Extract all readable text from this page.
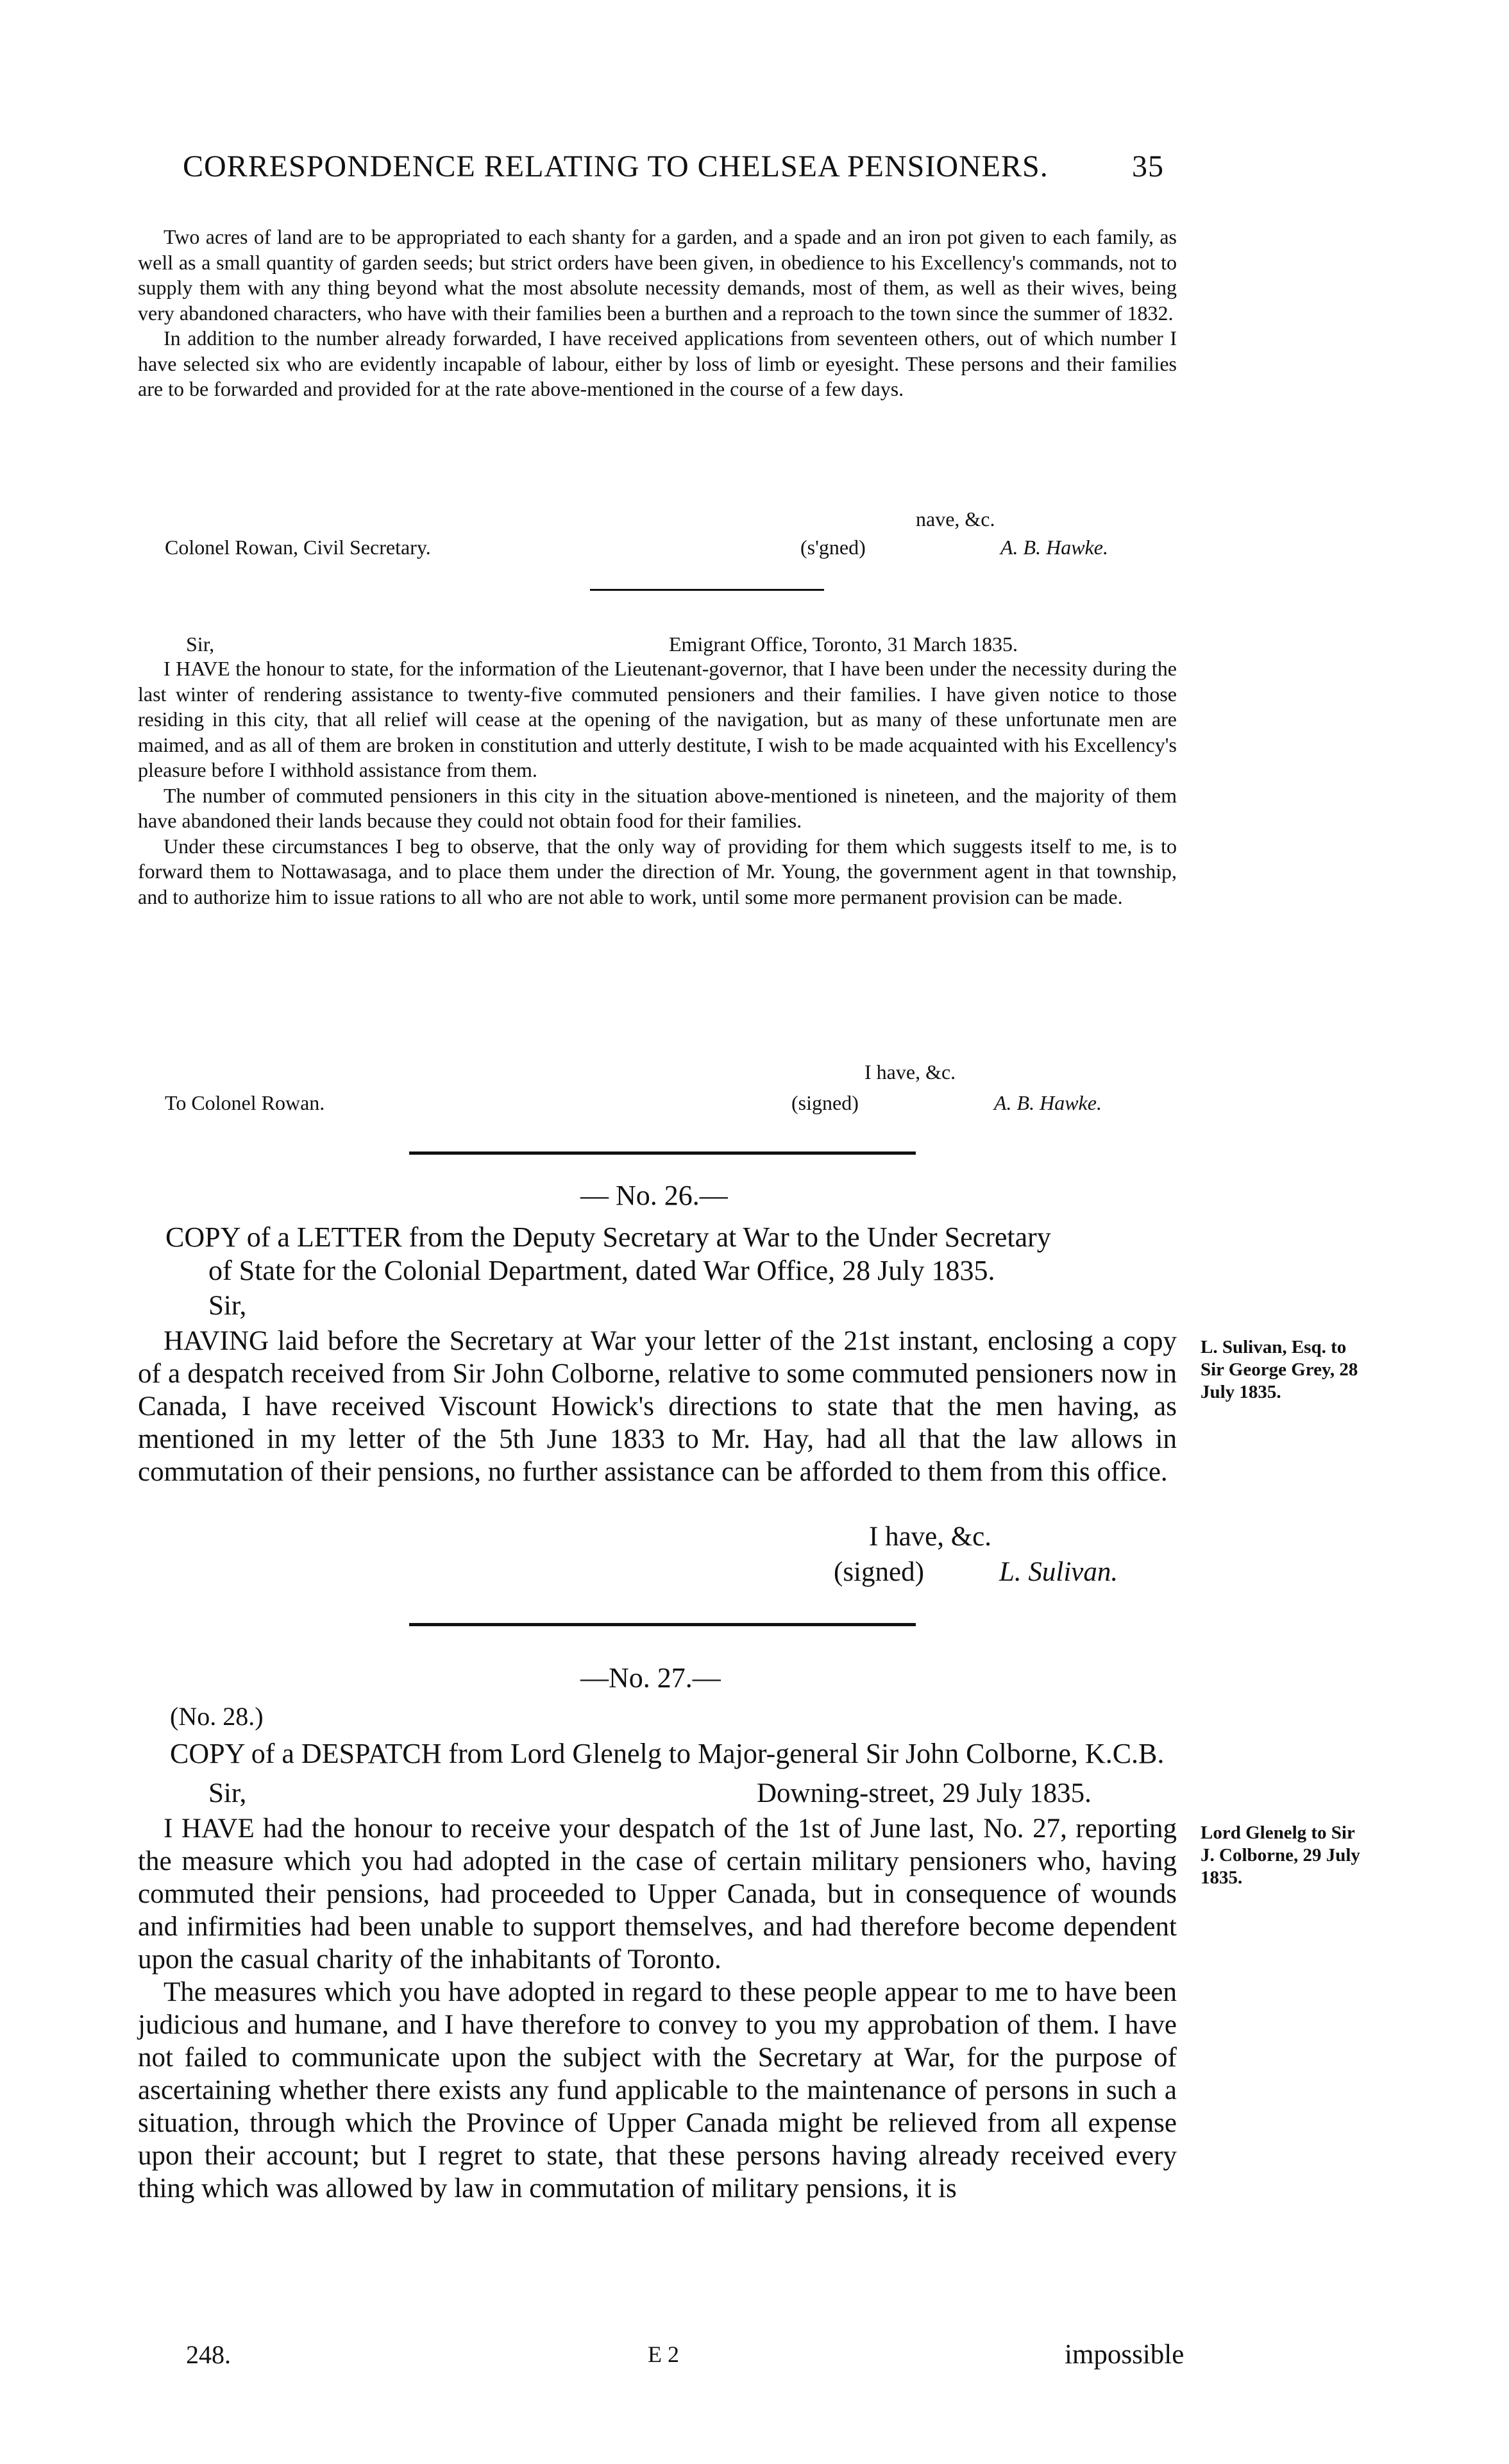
CORRESPONDENCE RELATING TO CHELSEA PENSIONERS.	35

Two acres of land are to be appropriated to each shanty for a garden, and a spade and an iron pot given to each family, as well as a small quantity of garden seeds; but strict orders have been given, in obedience to his Excellency's commands, not to supply them with any thing beyond what the most absolute necessity demands, most of them, as well as their wives, being very abandoned characters, who have with their families been a burthen and a reproach to the town since the summer of 1832.

In addition to the number already forwarded, I have received applications from seventeen others, out of which number I have selected six who are evidently incapable of labour, either by loss of limb or eyesight. These persons and their families are to be forwarded and provided for at the rate above-mentioned in the course of a few days.

nave, &c.
Colonel Rowan, Civil Secretary.	(s'gned)	A. B. Hawke.
Sir,	Emigrant Office, Toronto, 31 March 1835.

I HAVE the honour to state, for the information of the Lieutenant-governor, that I have been under the necessity during the last winter of rendering assistance to twenty-five commuted pensioners and their families. I have given notice to those residing in this city, that all relief will cease at the opening of the navigation, but as many of these unfortunate men are maimed, and as all of them are broken in constitution and utterly destitute, I wish to be made acquainted with his Excellency's pleasure before I withhold assistance from them.

The number of commuted pensioners in this city in the situation above-mentioned is nineteen, and the majority of them have abandoned their lands because they could not obtain food for their families.

Under these circumstances I beg to observe, that the only way of providing for them which suggests itself to me, is to forward them to Nottawasaga, and to place them under the direction of Mr. Young, the government agent in that township, and to authorize him to issue rations to all who are not able to work, until some more permanent provision can be made.

I have, &c.
To Colonel Rowan.	(signed)	A. B. Hawke.
— No. 26.—
COPY of a LETTER from the Deputy Secretary at War to the Under Secretary
of State for the Colonial Department, dated War Office, 28 July 1835.
Sir,

HAVING laid before the Secretary at War your letter of the 21st instant, enclosing a copy of a despatch received from Sir John Colborne, relative to some commuted pensioners now in Canada, I have received Viscount Howick's directions to state that the men having, as mentioned in my letter of the 5th June 1833 to Mr. Hay, had all that the law allows in commutation of their pensions, no further assistance can be afforded to them from this office.

L. Sulivan, Esq. to Sir George Grey, 28 July 1835.
I have, &c.
(signed)	L. Sulivan.
—No. 27.—
(No. 28.)
COPY of a DESPATCH from Lord Glenelg to Major-general Sir John Colborne, K.C.B.
Sir,	Downing-street, 29 July 1835.

I HAVE had the honour to receive your despatch of the 1st of June last, No. 27, reporting the measure which you had adopted in the case of certain military pensioners who, having commuted their pensions, had proceeded to Upper Canada, but in consequence of wounds and infirmities had been unable to support themselves, and had therefore become dependent upon the casual charity of the inhabitants of Toronto.

The measures which you have adopted in regard to these people appear to me to have been judicious and humane, and I have therefore to convey to you my approbation of them. I have not failed to communicate upon the subject with the Secretary at War, for the purpose of ascertaining whether there exists any fund applicable to the maintenance of persons in such a situation, through which the Province of Upper Canada might be relieved from all expense upon their account; but I regret to state, that these persons having already received every thing which was allowed by law in commutation of military pensions, it is

Lord Glenelg to Sir J. Colborne, 29 July 1835.
248.	E 2	impossible
